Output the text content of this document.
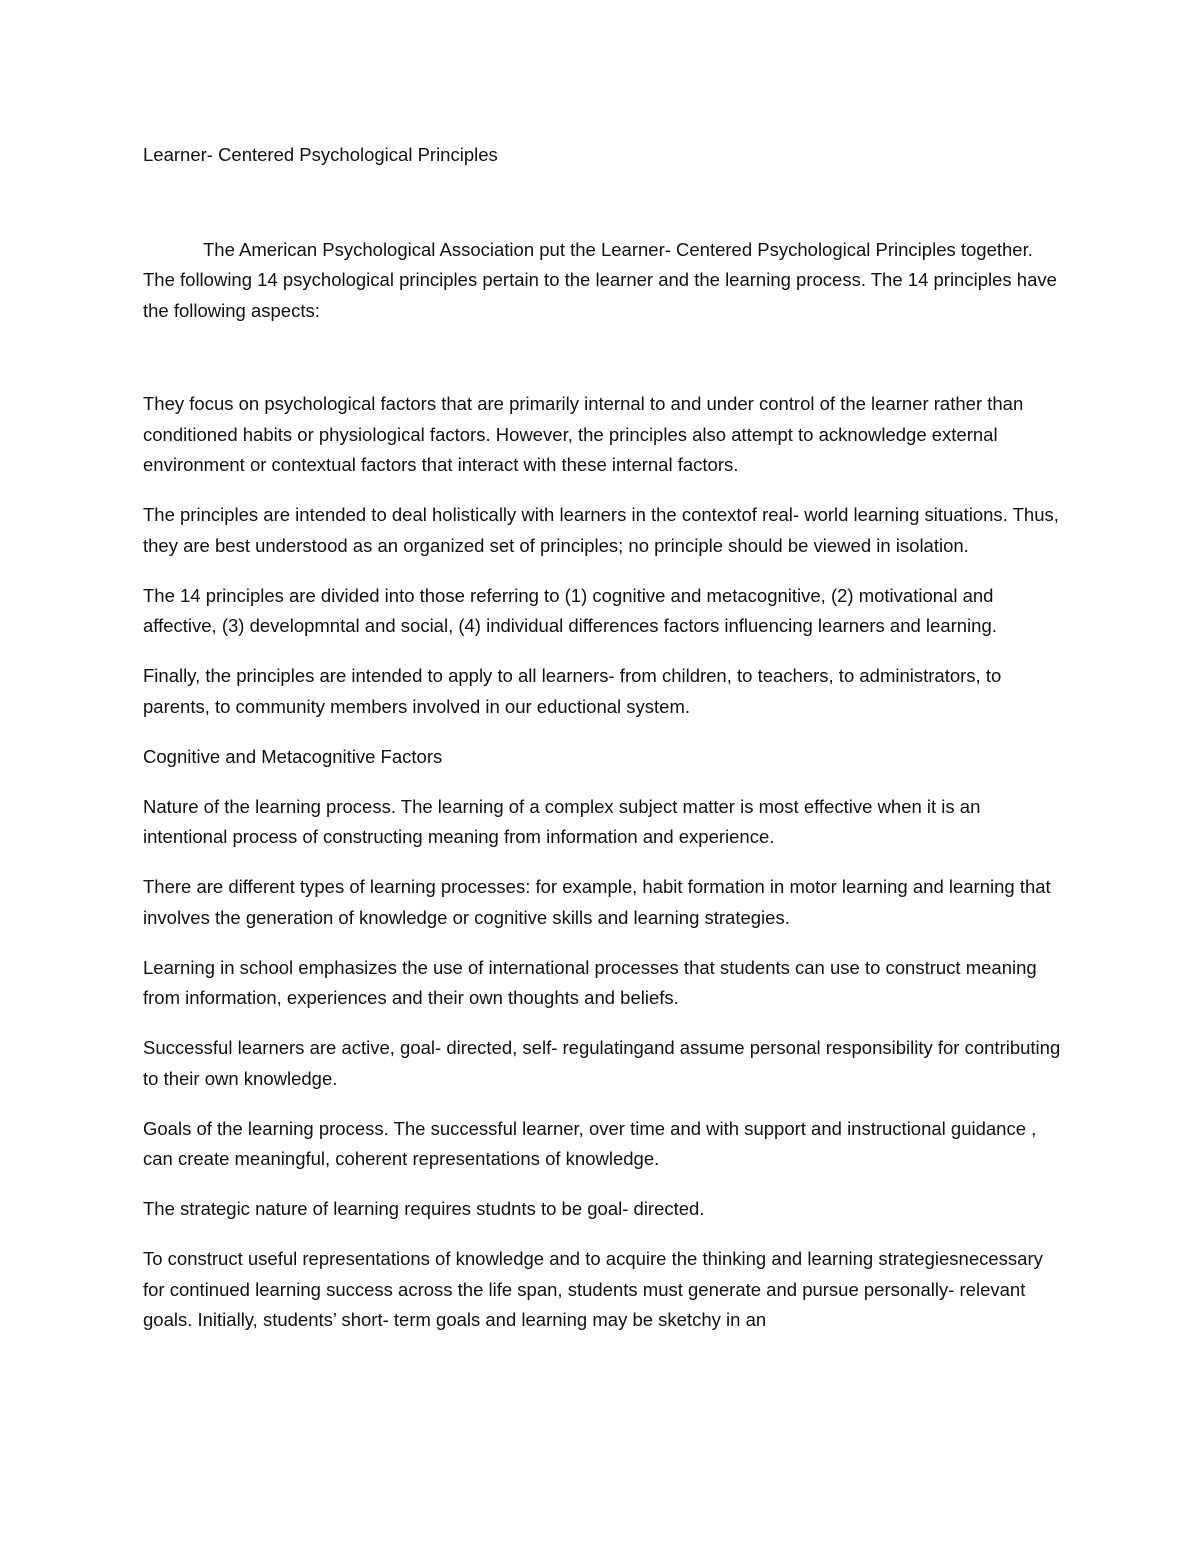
Learner- Centered Psychological Principles

The American Psychological Association put the Learner- Centered Psychological Principles together. The following 14 psychological principles pertain to the learner and the learning process. The 14 principles have the following aspects:

They focus on psychological factors that are primarily internal to and under control of the learner rather than conditioned habits or physiological factors. However, the principles also attempt to acknowledge external environment or contextual factors that interact with these internal factors.

The principles are intended to deal holistically with learners in the contextof real- world learning situations. Thus, they are best understood as an organized set of principles; no principle should be viewed in isolation.

The 14 principles are divided into those referring to (1) cognitive and metacognitive, (2) motivational and affective, (3) developmntal and social, (4) individual differences factors influencing learners and learning.

Finally, the principles are intended to apply to all learners- from children, to teachers, to administrators, to parents, to community members involved in our eductional system.

Cognitive and Metacognitive Factors

Nature of the learning process. The learning of a complex subject matter is most effective when it is an intentional process of constructing meaning from information and experience.

There are different types of learning processes: for example, habit formation in motor learning and learning that involves the generation of knowledge or cognitive skills and learning strategies.

Learning in school emphasizes the use of international processes that students can use to construct meaning from information, experiences and their own thoughts and beliefs.

Successful learners are active, goal- directed, self- regulatingand assume personal responsibility for contributing to their own knowledge.

Goals of the learning process. The successful learner, over time and with support and instructional guidance , can create meaningful, coherent representations of knowledge.

The strategic nature of learning requires studnts to be goal- directed.

To construct useful representations of knowledge and to acquire the thinking and learning strategiesnecessary for continued learning success across the life span, students must generate and pursue personally- relevant goals. Initially, students’ short- term goals and learning may be sketchy in an
